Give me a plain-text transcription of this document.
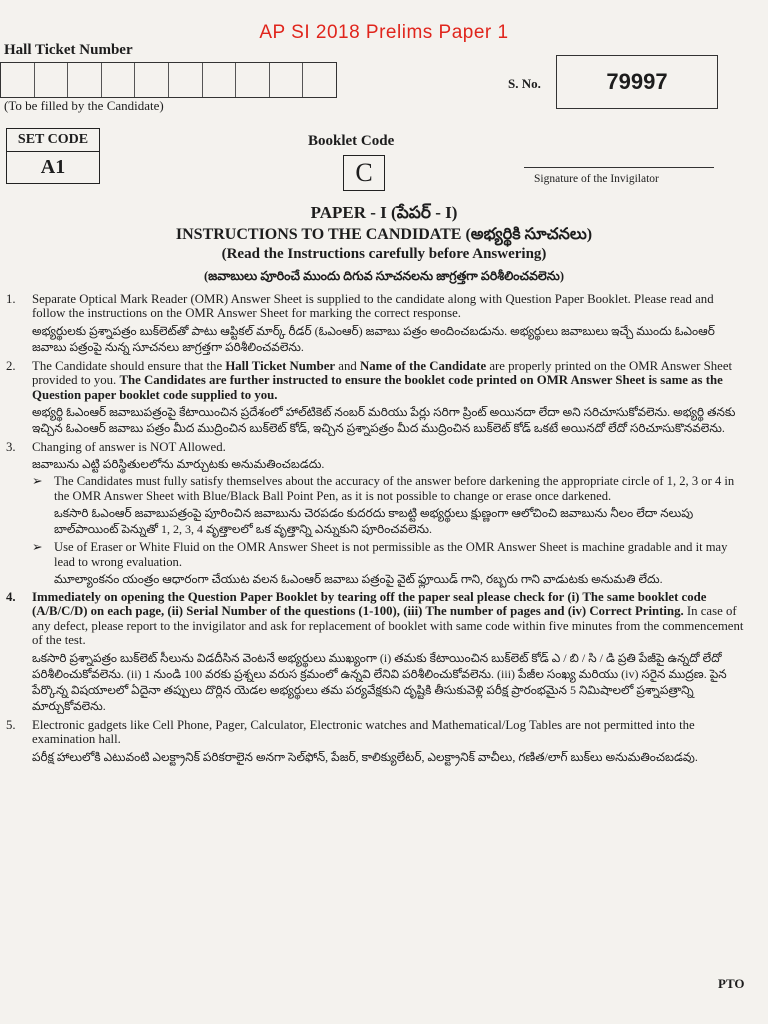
AP SI 2018 Prelims Paper 1
Hall Ticket Number
(To be filled by the Candidate)
S. No.	79997
SET CODE
A1
Booklet Code
C	Signature of the Invigilator
PAPER - I (పేపర్ - I)
INSTRUCTIONS TO THE CANDIDATE (అభ్యర్థికి సూచనలు)
(Read the Instructions carefully before Answering)
(జవాబులు పూరించే ముందు దిగువ సూచనలను జాగ్రత్తగా పరిశీలించవలెను)
1.	Separate Optical Mark Reader (OMR) Answer Sheet is supplied to the candidate along with Question Paper Booklet. Please read and follow the instructions on the OMR Answer Sheet for marking the correct response.
అభ్యర్థులకు ప్రశ్నాపత్రం బుక్‌లెట్‌తో పాటు ఆప్టికల్ మార్క్ రీడర్ (ఓఎంఆర్) జవాబు పత్రం అందించబడును. అభ్యర్థులు జవాబులు ఇచ్చే ముందు ఓఎంఆర్ జవాబు పత్రంపై నున్న సూచనలు జాగ్రత్తగా పరిశీలించవలెను.
2.	The Candidate should ensure that the Hall Ticket Number and Name of the Candidate are properly printed on the OMR Answer Sheet provided to you. The Candidates are further instructed to ensure the booklet code printed on OMR Answer Sheet is same as the Question paper booklet code supplied to you.
అభ్యర్థి ఓఎంఆర్ జవాబుపత్రంపై కేటాయించిన ప్రదేశంలో హాల్‌టికెట్ నంబర్ మరియు పేర్లు సరిగా ప్రింట్ అయినదా లేదా అని సరిచూసుకోవలెను. అభ్యర్థి తనకు ఇచ్చిన ఓఎంఆర్ జవాబు పత్రం మీద ముద్రించిన బుక్‌లెట్ కోడ్, ఇచ్చిన ప్రశ్నాపత్రం మీద ముద్రించిన బుక్‌లెట్ కోడ్ ఒకటే అయినదో లేదో సరిచూసుకొనవలెను.
3.	Changing of answer is NOT Allowed.
జవాబును ఎట్టి పరిస్థితులలోను మార్చుటకు అనుమతించబడదు.
➢ The Candidates must fully satisfy themselves about the accuracy of the answer before darkening the appropriate circle of 1, 2, 3 or 4 in the OMR Answer Sheet with Blue/Black Ball Point Pen, as it is not possible to change or erase once darkened.
ఒకసారి ఓఎంఆర్ జవాబుపత్రంపై పూరించిన జవాబును చెరపడం కుదరదు కాబట్టి అభ్యర్థులు క్షుణ్ణంగా ఆలోచించి జవాబును నీలం లేదా నలుపు బాల్‌పాయింట్ పెన్నుతో 1, 2, 3, 4 వృత్తాలలో ఒక వృత్తాన్ని ఎన్నుకుని పూరించవలెను.
➢ Use of Eraser or White Fluid on the OMR Answer Sheet is not permissible as the OMR Answer Sheet is machine gradable and it may lead to wrong evaluation.
మూల్యాంకనం యంత్రం ఆధారంగా చేయుట వలన ఓఎంఆర్ జవాబు పత్రంపై వైట్ ఫ్లూయిడ్ గాని, రబ్బరు గాని వాడుటకు అనుమతి లేదు.
4.	Immediately on opening the Question Paper Booklet by tearing off the paper seal please check for (i) The same booklet code (A/B/C/D) on each page, (ii) Serial Number of the questions (1-100), (iii) The number of pages and (iv) Correct Printing. In case of any defect, please report to the invigilator and ask for replacement of booklet with same code within five minutes from the commencement of the test.
ఒకసారి ప్రశ్నాపత్రం బుక్‌లెట్ సీలును విడదీసిన వెంటనే అభ్యర్థులు ముఖ్యంగా (i) తమకు కేటాయించిన బుక్‌లెట్ కోడ్ ఎ / బి / సి / డి ప్రతి పేజీపై ఉన్నదో లేదో పరిశీలించుకోవలెను. (ii) 1 నుండి 100 వరకు ప్రశ్నలు వరుస క్రమంలో ఉన్నవి లేనివి పరిశీలించుకోవలెను. (iii) పేజీల సంఖ్య మరియు (iv) సరైన ముద్రణ. పైన పేర్కొన్న విషయాలలో ఏదైనా తప్పులు దొర్లిన యెడల అభ్యర్థులు తమ పర్యవేక్షకుని దృష్టికి తీసుకువెళ్లి పరీక్ష ప్రారంభమైన 5 నిమిషాలలో ప్రశ్నాపత్రాన్ని మార్చుకోవలెను.
5.	Electronic gadgets like Cell Phone, Pager, Calculator, Electronic watches and Mathematical/Log Tables are not permitted into the examination hall.
పరీక్ష హాలులోకి ఎటువంటి ఎలక్ట్రానిక్ పరికరాలైన అనగా సెల్‌ఫోన్, పేజర్, కాలిక్యులేటర్, ఎలక్ట్రానిక్ వాచీలు, గణిత/లాగ్ బుక్‌లు అనుమతించబడవు.
PTO
